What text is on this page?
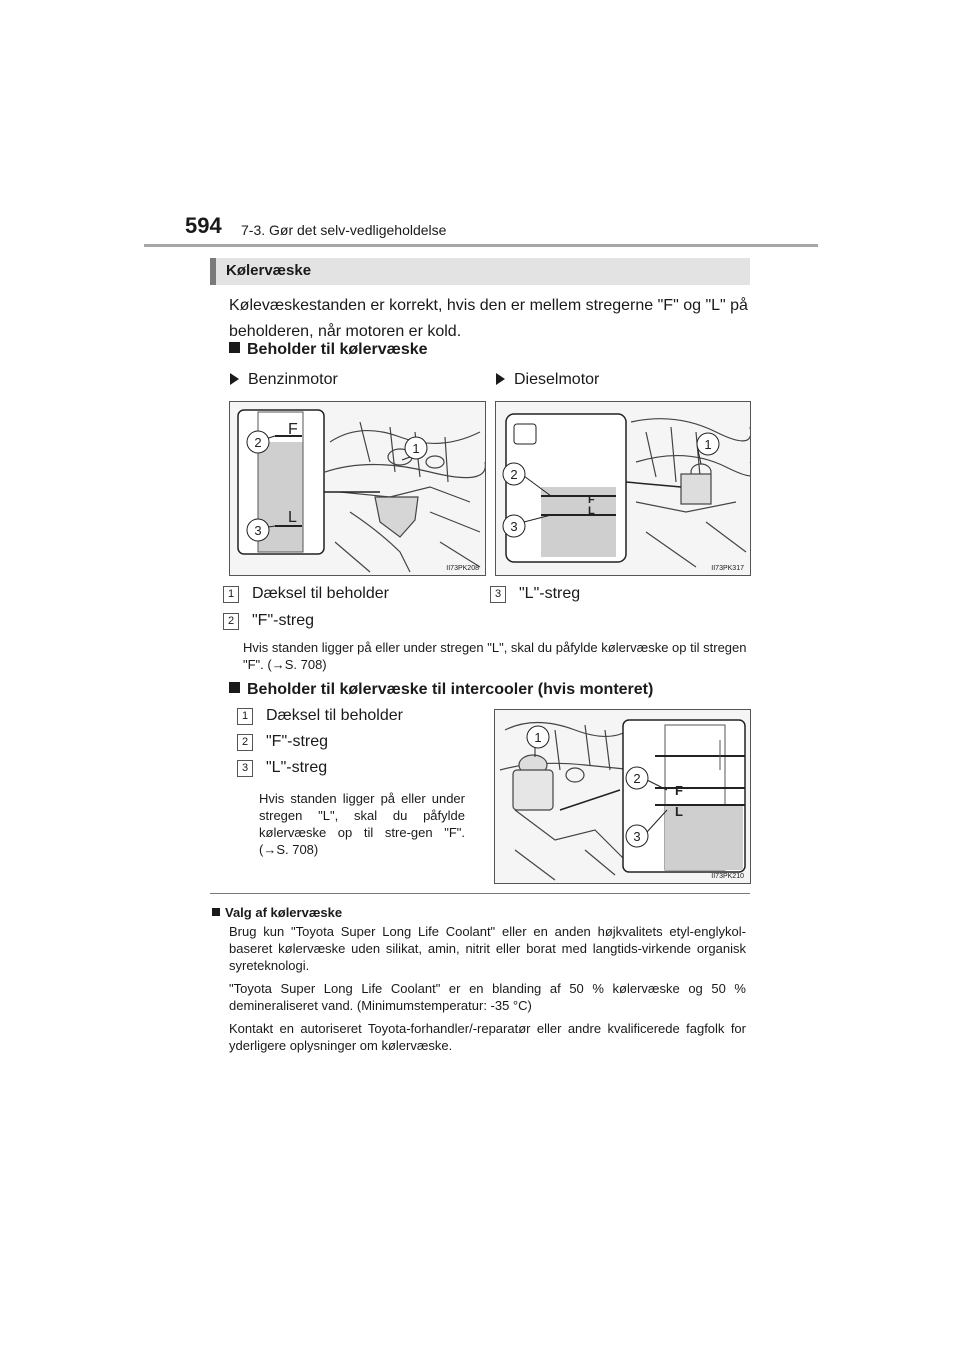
594 7-3. Gør det selv-vedligeholdelse
Kølervæske
Kølevæskestanden er korrekt, hvis den er mellem stregerne "F" og "L" på beholderen, når motoren er kold.
Beholder til kølervæske
Benzinmotor	Dieselmotor
F
L
2
3
1
II73PK208
F
L
2
3
1
II73PK317
1 Dæksel til beholder	3 "L"-streg
2 "F"-streg
Hvis standen ligger på eller under stregen "L", skal du påfylde kølervæske op til stregen "F". (→S. 708)
Beholder til kølervæske til intercooler (hvis monteret)
1 Dæksel til beholder
2 "F"-streg
3 "L"-streg
Hvis standen ligger på eller under stregen "L", skal du påfylde kølervæske op til stre-gen "F". (→S. 708)
F
L
2
3
1
II73PK210
Valg af kølervæske
Brug kun "Toyota Super Long Life Coolant" eller en anden højkvalitets etyl-englykol-baseret kølervæske uden silikat, amin, nitrit eller borat med langtids-virkende organisk syreteknologi.
"Toyota Super Long Life Coolant" er en blanding af 50 % kølervæske og 50 % demineraliseret vand. (Minimumstemperatur: -35 °C)
Kontakt en autoriseret Toyota-forhandler/-reparatør eller andre kvalificerede fagfolk for yderligere oplysninger om kølervæske.
